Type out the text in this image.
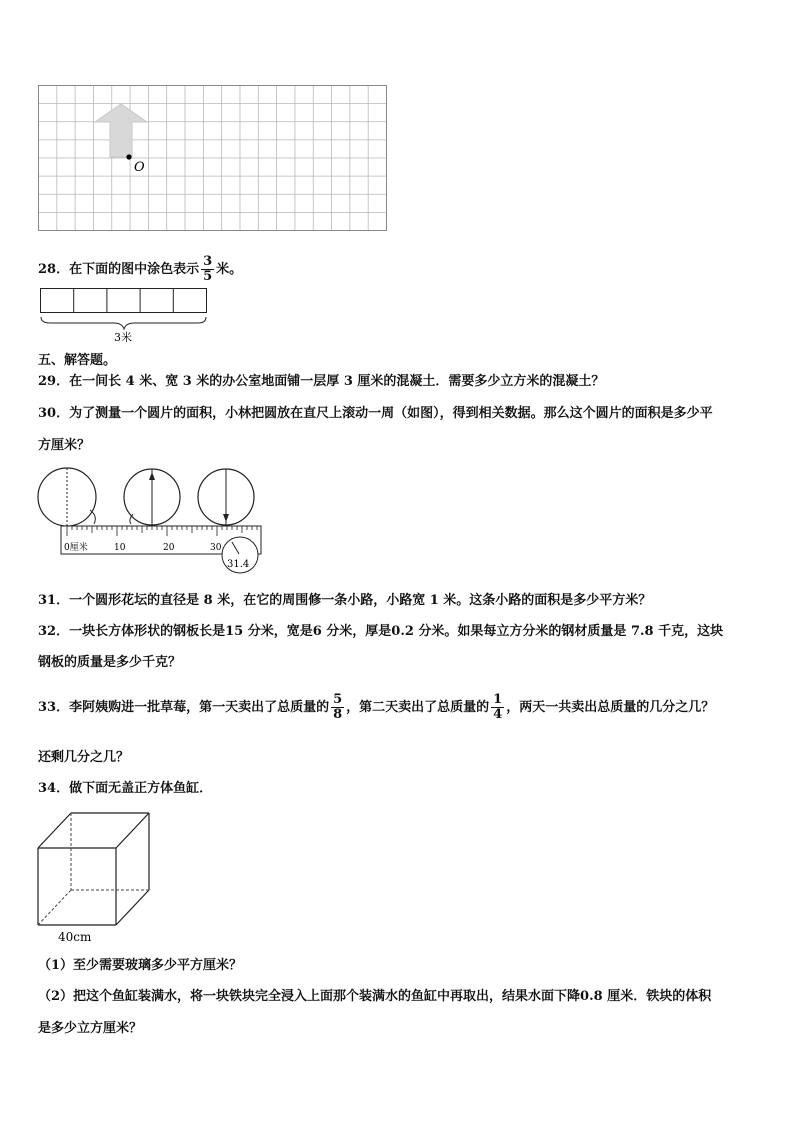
O
28．在下面的图中涂色表示 $\frac{3}{5}$ 米。
3米
五、解答题。
29．在一间长 4 米、宽 3 米的办公室地面铺一层厚 3 厘米的混凝土．需要多少立方米的混凝土？
30．为了测量一个圆片的面积，小林把圆放在直尺上滚动一周（如图），得到相关数据。那么这个圆片的面积是多少平
方厘米？
0厘米	10	20	30
31.4
31．一个圆形花坛的直径是 8 米，在它的周围修一条小路，小路宽 1 米。这条小路的面积是多少平方米？
32．一块长方体形状的钢板长是15 分米，宽是6 分米，厚是0.2 分米。如果每立方分米的钢材质量是 7.8 千克，这块
钢板的质量是多少千克？
33．李阿姨购进一批草莓，第一天卖出了总质量的 $\frac{5}{8}$ ，第二天卖出了总质量的 $\frac{1}{4}$ ，两天一共卖出总质量的几分之几？
还剩几分之几？
34．做下面无盖正方体鱼缸．
40cm
（1）至少需要玻璃多少平方厘米？
（2）把这个鱼缸装满水，将一块铁块完全浸入上面那个装满水的鱼缸中再取出，结果水面下降0.8 厘米．铁块的体积
是多少立方厘米？
